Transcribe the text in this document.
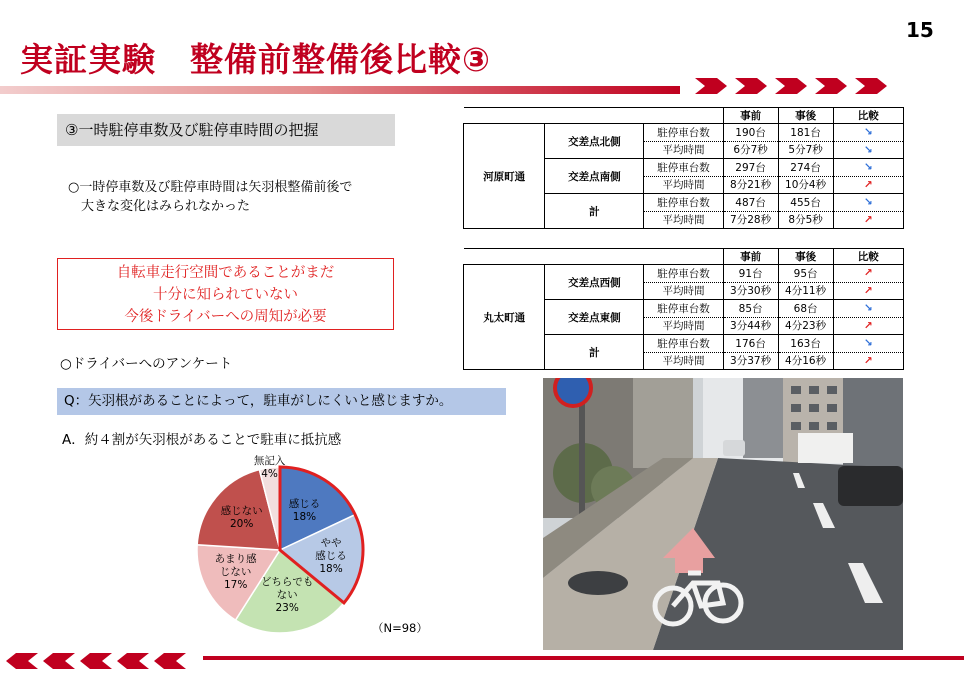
15
実証実験　整備前整備後比較③
③一時駐停車数及び駐停車時間の把握
○一時停車数及び駐停車時間は矢羽根整備前後で
大きな変化はみられなかった
自転車走行空間であることがまだ
十分に知られていない
今後ドライバーへの周知が必要
○ドライバーへのアンケート
Q：矢羽根があることによって，駐車がしにくいと感じますか。
A．約４割が矢羽根があることで駐車に抵抗感
			事前	事後	比較
河原町通	交差点北側	駐停車台数	190台	181台	↘
		平均時間	6分7秒	5分7秒	↘
	交差点南側	駐停車台数	297台	274台	↘
		平均時間	8分21秒	10分4秒	↗
	計	駐停車台数	487台	455台	↘
		平均時間	7分28秒	8分5秒	↗
			事前	事後	比較
丸太町通	交差点西側	駐停車台数	91台	95台	↗
		平均時間	3分30秒	4分11秒	↗
	交差点東側	駐停車台数	85台	68台	↘
		平均時間	3分44秒	4分23秒	↗
	計	駐停車台数	176台	163台	↘
		平均時間	3分37秒	4分16秒	↗
感じる
18%
やや
感じる
18%
どちらでも
ない
23%
あまり感
じない
17%
感じない
20%
無記入
4%
（N=98）
